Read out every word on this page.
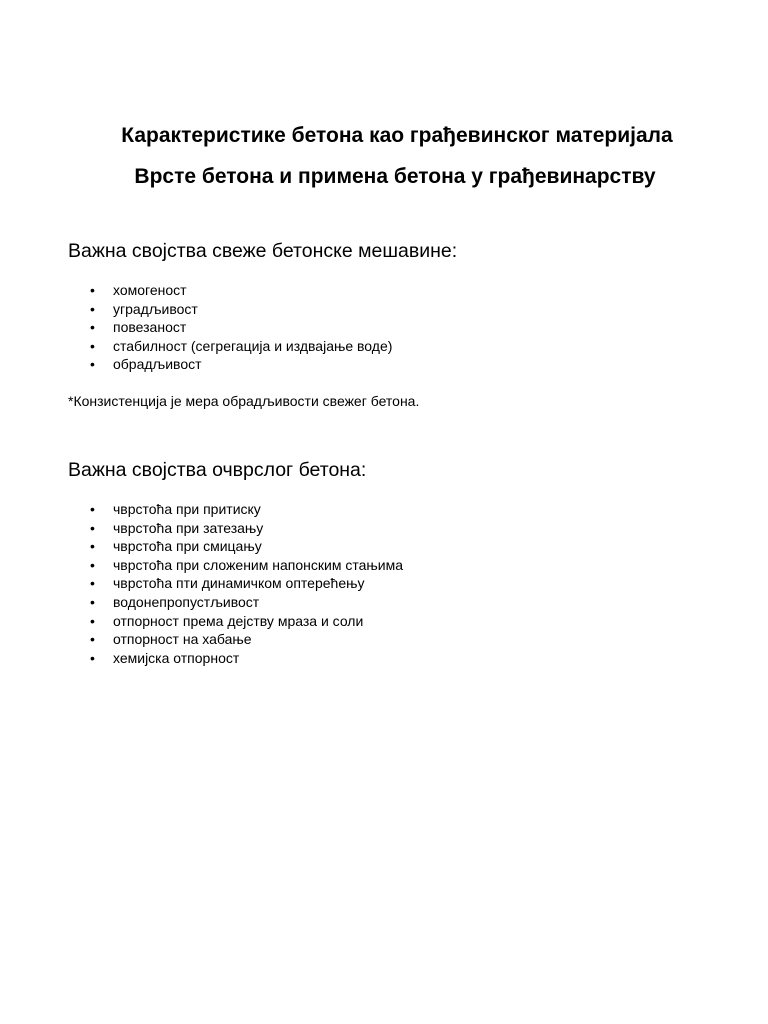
Карактеристике бетона као грађевинског материјала
Врсте бетона и примена бетона у грађевинарству
Важна својства свеже бетонске мешавине:
• хомогеност
• уградљивост
• повезаност
• стабилност (сегрегација и издвајање воде)
• обрадљивост

*Конзистенција је мера обрадљивости свежег бетона.

Важна својства очврслог бетона:
• чврстоћа при притиску
• чврстоћа при затезању
• чврстоћа при смицању
• чврстоћа при сложеним напонским стањима
• чврстоћа пти динамичком оптерећењу
• водонепропустљивост
• отпорност према дејству мраза и соли
• отпорност на хабање
• хемијска отпорност
